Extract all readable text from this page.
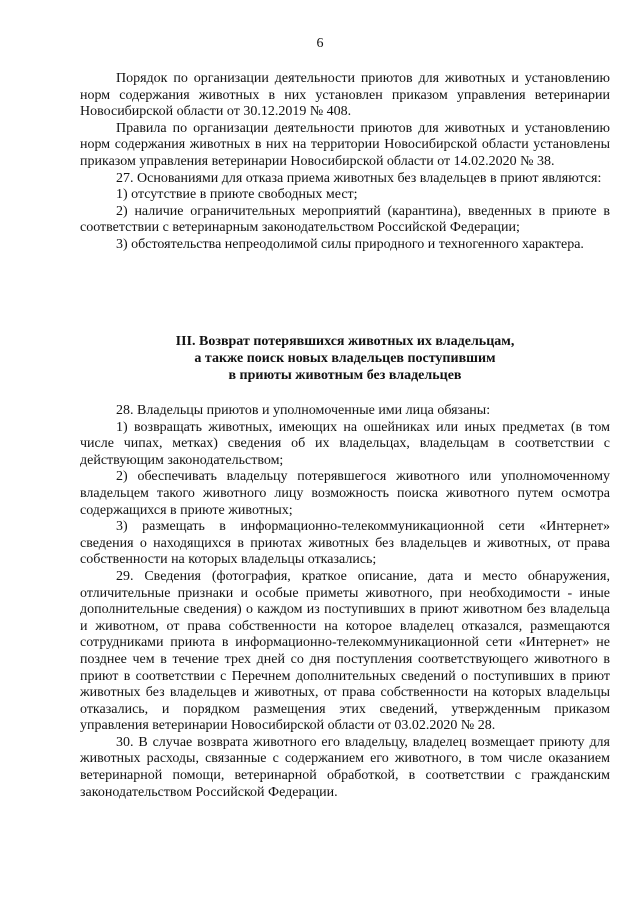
6

Порядок по организации деятельности приютов для животных и установлению норм содержания животных в них установлен приказом управления ветеринарии Новосибирской области от 30.12.2019 № 408.

Правила по организации деятельности приютов для животных и установлению норм содержания животных в них на территории Новосибирской области установлены приказом управления ветеринарии Новосибирской области от 14.02.2020 № 38.

27. Основаниями для отказа приема животных без владельцев в приют являются:

1) отсутствие в приюте свободных мест;

2) наличие ограничительных мероприятий (карантина), введенных в приюте в соответствии с ветеринарным законодательством Российской Федерации;

3) обстоятельства непреодолимой силы природного и техногенного характера.

III. Возврат потерявшихся животных их владельцам,
а также поиск новых владельцев поступившим
в приюты животным без владельцев

28. Владельцы приютов и уполномоченные ими лица обязаны:

1) возвращать животных, имеющих на ошейниках или иных предметах (в том числе чипах, метках) сведения об их владельцах, владельцам в соответствии с действующим законодательством;

2) обеспечивать владельцу потерявшегося животного или уполномоченному владельцем такого животного лицу возможность поиска животного путем осмотра содержащихся в приюте животных;

3) размещать в информационно-телекоммуникационной сети «Интернет» сведения о находящихся в приютах животных без владельцев и животных, от права собственности на которых владельцы отказались;

29. Сведения (фотография, краткое описание, дата и место обнаружения, отличительные признаки и особые приметы животного, при необходимости - иные дополнительные сведения) о каждом из поступивших в приют животном без владельца и животном, от права собственности на которое владелец отказался, размещаются сотрудниками приюта в информационно-телекоммуникационной сети «Интернет» не позднее чем в течение трех дней со дня поступления соответствующего животного в приют в соответствии с Перечнем дополнительных сведений о поступивших в приют животных без владельцев и животных, от права собственности на которых владельцы отказались, и порядком размещения этих сведений, утвержденным приказом управления ветеринарии Новосибирской области от 03.02.2020 № 28.

30. В случае возврата животного его владельцу, владелец возмещает приюту для животных расходы, связанные с содержанием его животного, в том числе оказанием ветеринарной помощи, ветеринарной обработкой, в соответствии с гражданским законодательством Российской Федерации.
